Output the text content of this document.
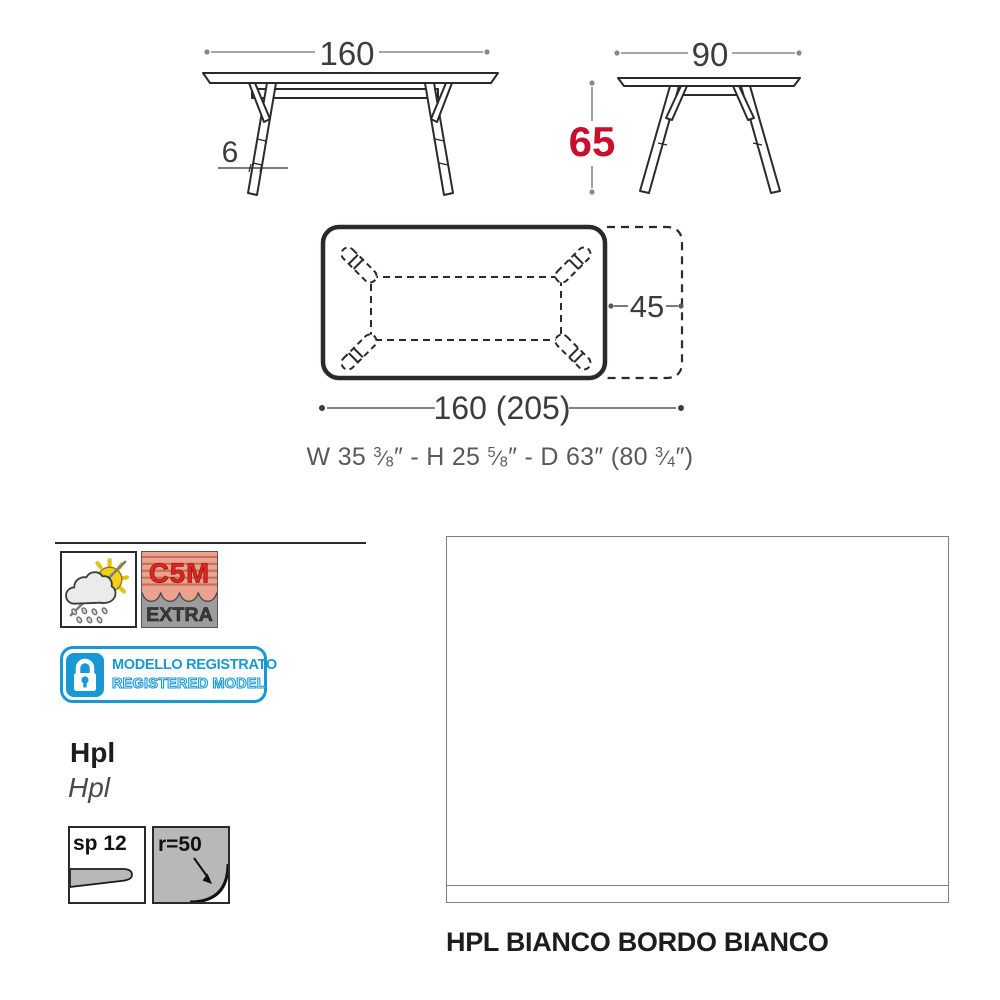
160
6
90
65
45
160 (205)
W 35 $^3$⁄8″ - H 25 $^5$⁄8″ - D 63″ (80 $^3$⁄4″)
C5M
EXTRA
MODELLO REGISTRATO
REGISTERED MODEL
Hpl
Hpl
sp 12 r=50
HPL BIANCO BORDO BIANCO
